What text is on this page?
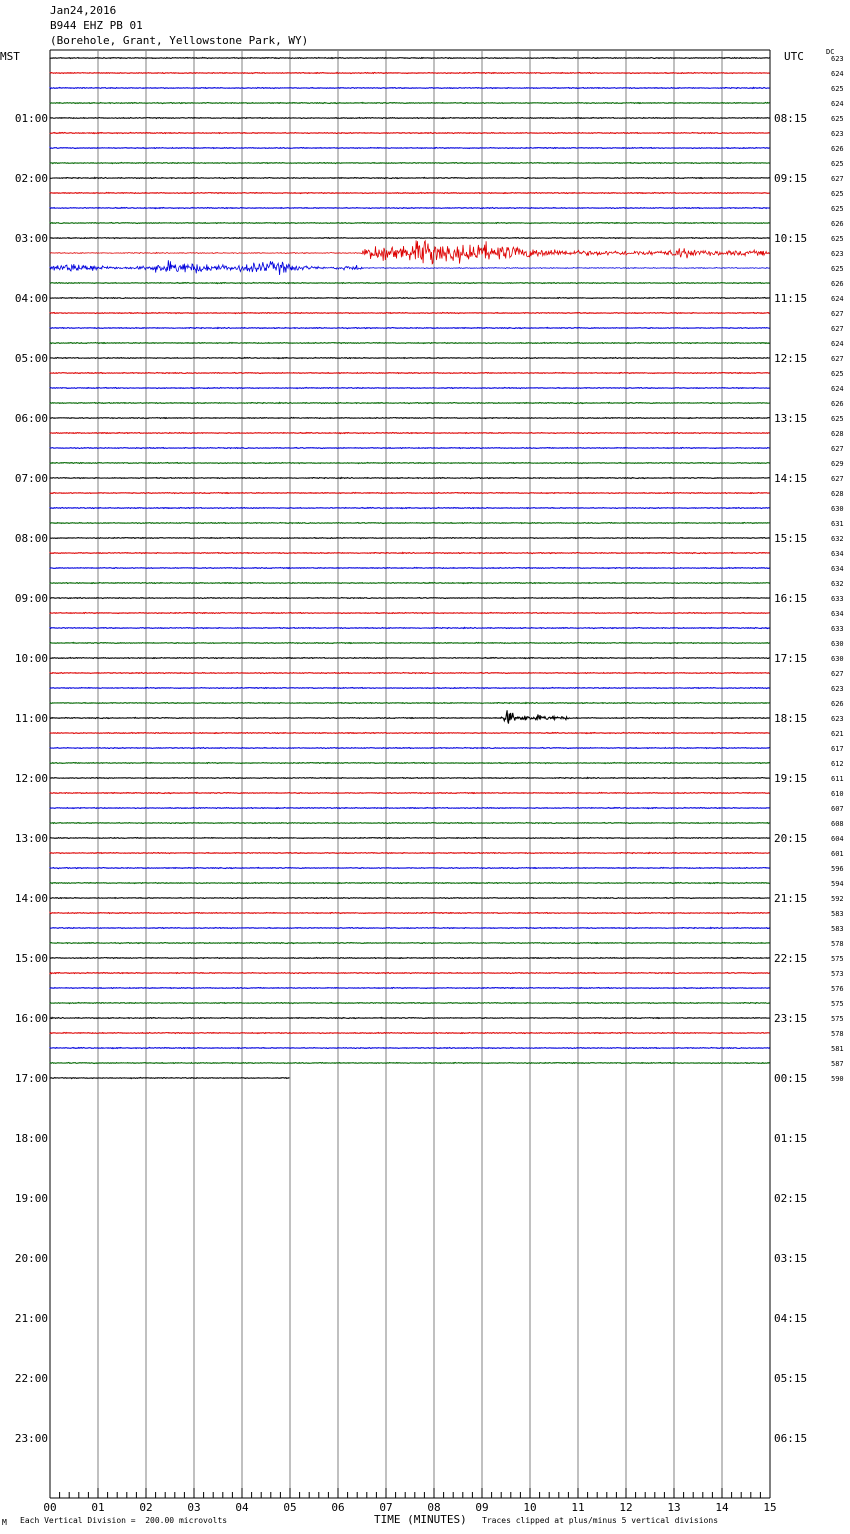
Jan24,2016
B944 EHZ PB 01
(Borehole, Grant, Yellowstone Park, WY)
MST	UTC	DC
00	01	02	03	04	05	06	07	08	09	10	11	12	13	14	15
623
624
625
624
625
623
626
625
627
625
625
626
625
623
625
626
624
627
627
624
627
625
624
626
625
628
627
629
627
628
630
631
632
634
634
632
633
634
633
630
630
627
623
626
623
621
617
612
611
610
607
608
604
601
596
594
592
583
583
578
575
573
576
575
575
578
581
587
590
01:00
02:00
03:00
04:00
05:00
06:00
07:00
08:00
09:00
10:00
11:00
12:00
13:00
14:00
15:00
16:00
17:00
18:00
19:00
20:00
21:00
22:00
23:00
08:15
09:15
10:15
11:15
12:15
13:15
14:15
15:15
16:15
17:15
18:15
19:15
20:15
21:15
22:15
23:15
00:15
01:15
02:15
03:15
04:15
05:15
06:15
M Each Vertical Division =  200.00 microvolts	TIME (MINUTES) Traces clipped at plus/minus 5 vertical divisions
